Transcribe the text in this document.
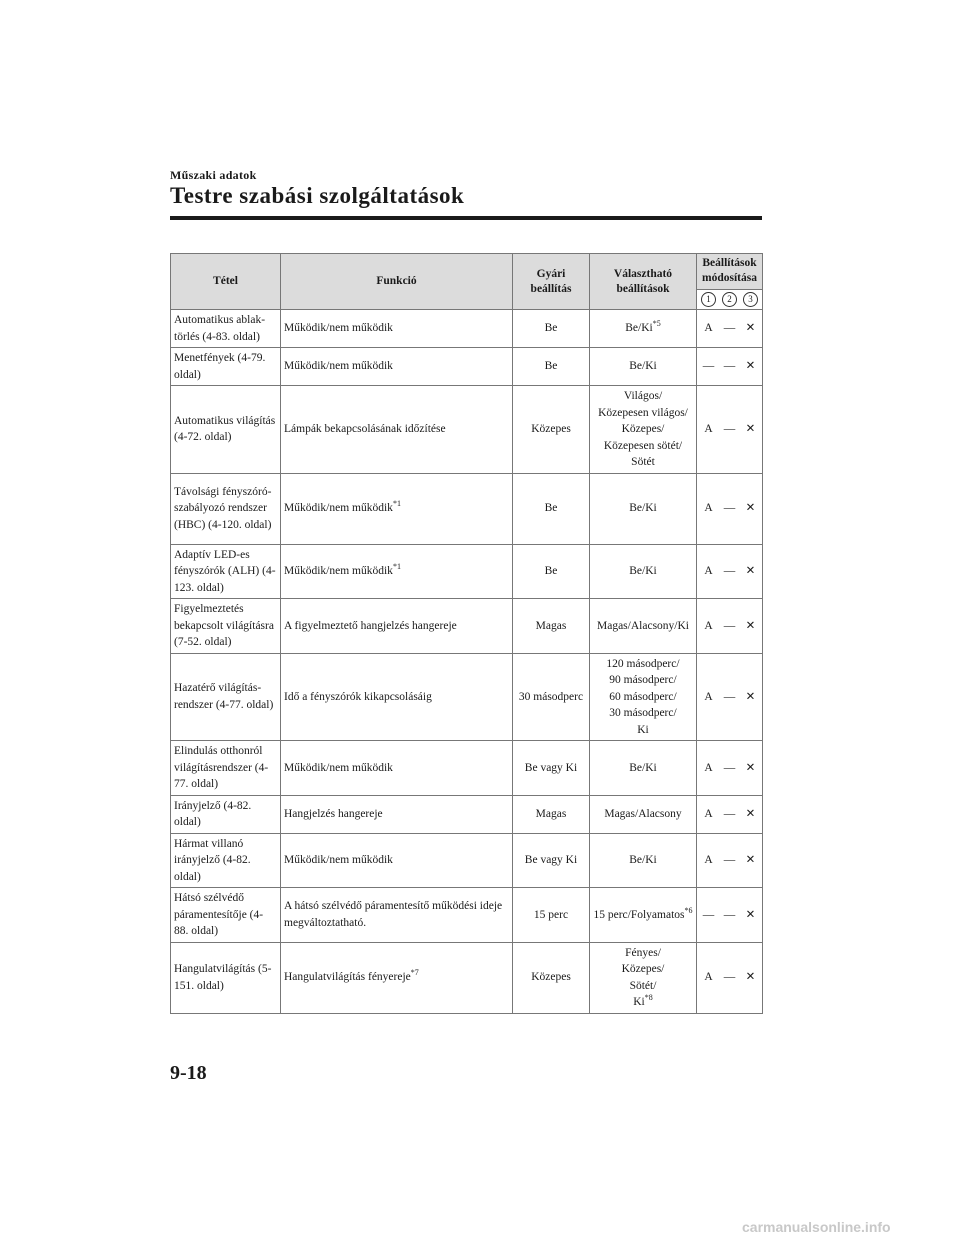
Műszaki adatok
Testre szabási szolgáltatások
Tétel	Funkció	Gyári beállítás	Választható beállítások	Beállítások módosítása
1 2 3

Automatikus ablak-törlés (4-83. oldal)	Működik/nem működik	Be	Be/Ki$^{*5}$	A — ✕
Menetfények (4-79. oldal)	Működik/nem működik	Be	Be/Ki	— — ✕
Automatikus világítás (4-72. oldal)	Lámpák bekapcsolásának időzítése	Közepes	Világos/
Közepesen világos/
Közepes/
Közepesen sötét/
Sötét	A — ✕
Távolsági fényszóró-szabályozó rendszer (HBC) (4-120. oldal)	Működik/nem működik$^{*1}$	Be	Be/Ki	A — ✕
Adaptív LED-es fényszórók (ALH) (4-123. oldal)	Működik/nem működik$^{*1}$	Be	Be/Ki	A — ✕
Figyelmeztetés bekapcsolt világításra (7-52. oldal)	A figyelmeztető hangjelzés hangereje	Magas	Magas/Alacsony/Ki	A — ✕
Hazatérő világítás-rendszer (4-77. oldal)	Idő a fényszórók kikapcsolásáig	30 másodperc	120 másodperc/
90 másodperc/
60 másodperc/
30 másodperc/
Ki	A — ✕
Elindulás otthonról világításrendszer (4-77. oldal)	Működik/nem működik	Be vagy Ki	Be/Ki	A — ✕
Irányjelző (4-82. oldal)	Hangjelzés hangereje	Magas	Magas/Alacsony	A — ✕
Hármat villanó irányjelző (4-82. oldal)	Működik/nem működik	Be vagy Ki	Be/Ki	A — ✕
Hátsó szélvédő páramentesítője (4-88. oldal)	A hátsó szélvédő páramentesítő működési ideje megváltoztatható.	15 perc	15 perc/Folyamatos$^{*6}$	— — ✕
Hangulatvilágítás (5-151. oldal)	Hangulatvilágítás fényereje$^{*7}$	Közepes	Fényes/
Közepes/
Sötét/
Ki$^{*8}$	A — ✕
9-18
carmanualsonline.info
